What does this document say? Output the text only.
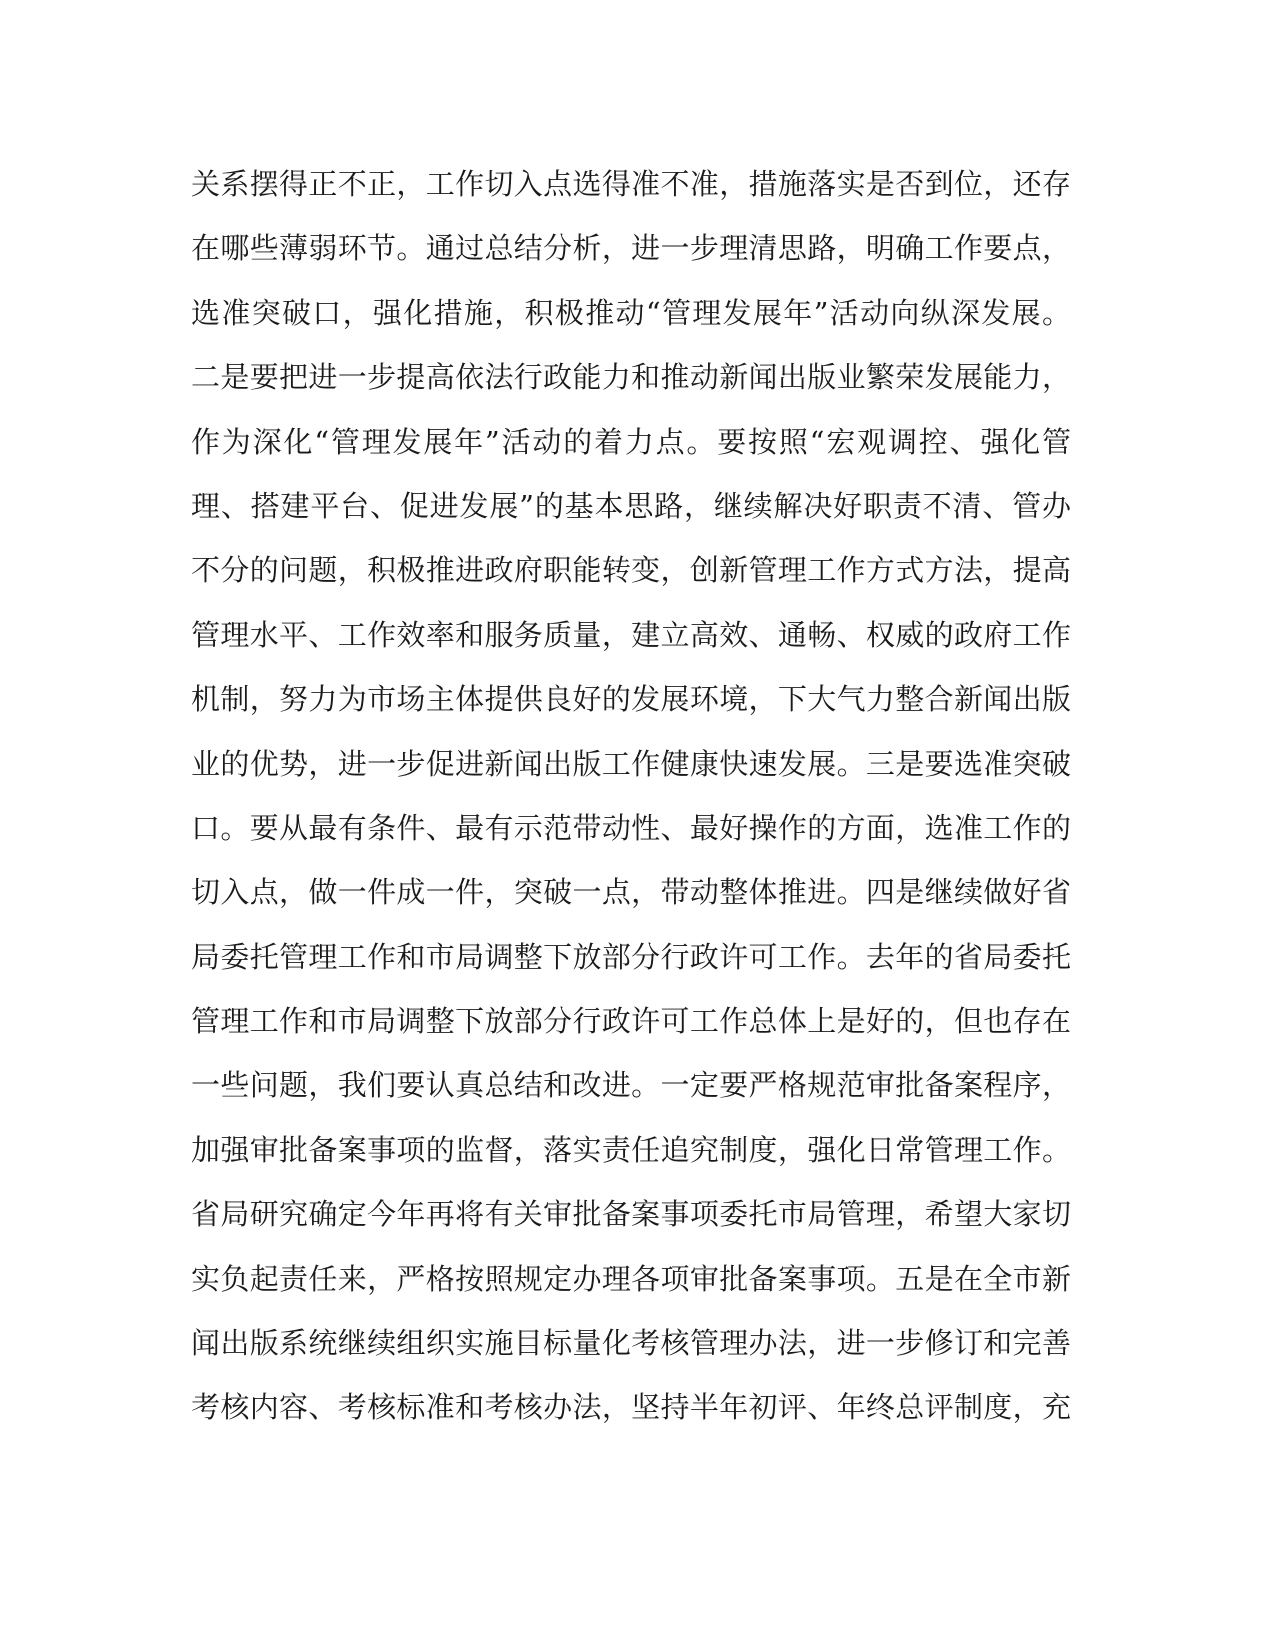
关系摆得正不正，工作切入点选得准不准，措施落实是否到位，还存
在哪些薄弱环节。通过总结分析，进一步理清思路，明确工作要点，
选准突破口，强化措施，积极推动“管理发展年”活动向纵深发展。
二是要把进一步提高依法行政能力和推动新闻出版业繁荣发展能力，
作为深化“管理发展年”活动的着力点。要按照“宏观调控、强化管
理、搭建平台、促进发展”的基本思路，继续解决好职责不清、管办
不分的问题，积极推进政府职能转变，创新管理工作方式方法，提高
管理水平、工作效率和服务质量，建立高效、通畅、权威的政府工作
机制，努力为市场主体提供良好的发展环境，下大气力整合新闻出版
业的优势，进一步促进新闻出版工作健康快速发展。三是要选准突破
口。要从最有条件、最有示范带动性、最好操作的方面，选准工作的
切入点，做一件成一件，突破一点，带动整体推进。四是继续做好省
局委托管理工作和市局调整下放部分行政许可工作。去年的省局委托
管理工作和市局调整下放部分行政许可工作总体上是好的，但也存在
一些问题，我们要认真总结和改进。一定要严格规范审批备案程序，
加强审批备案事项的监督，落实责任追究制度，强化日常管理工作。
省局研究确定今年再将有关审批备案事项委托市局管理，希望大家切
实负起责任来，严格按照规定办理各项审批备案事项。五是在全市新
闻出版系统继续组织实施目标量化考核管理办法，进一步修订和完善
考核内容、考核标准和考核办法，坚持半年初评、年终总评制度，充
